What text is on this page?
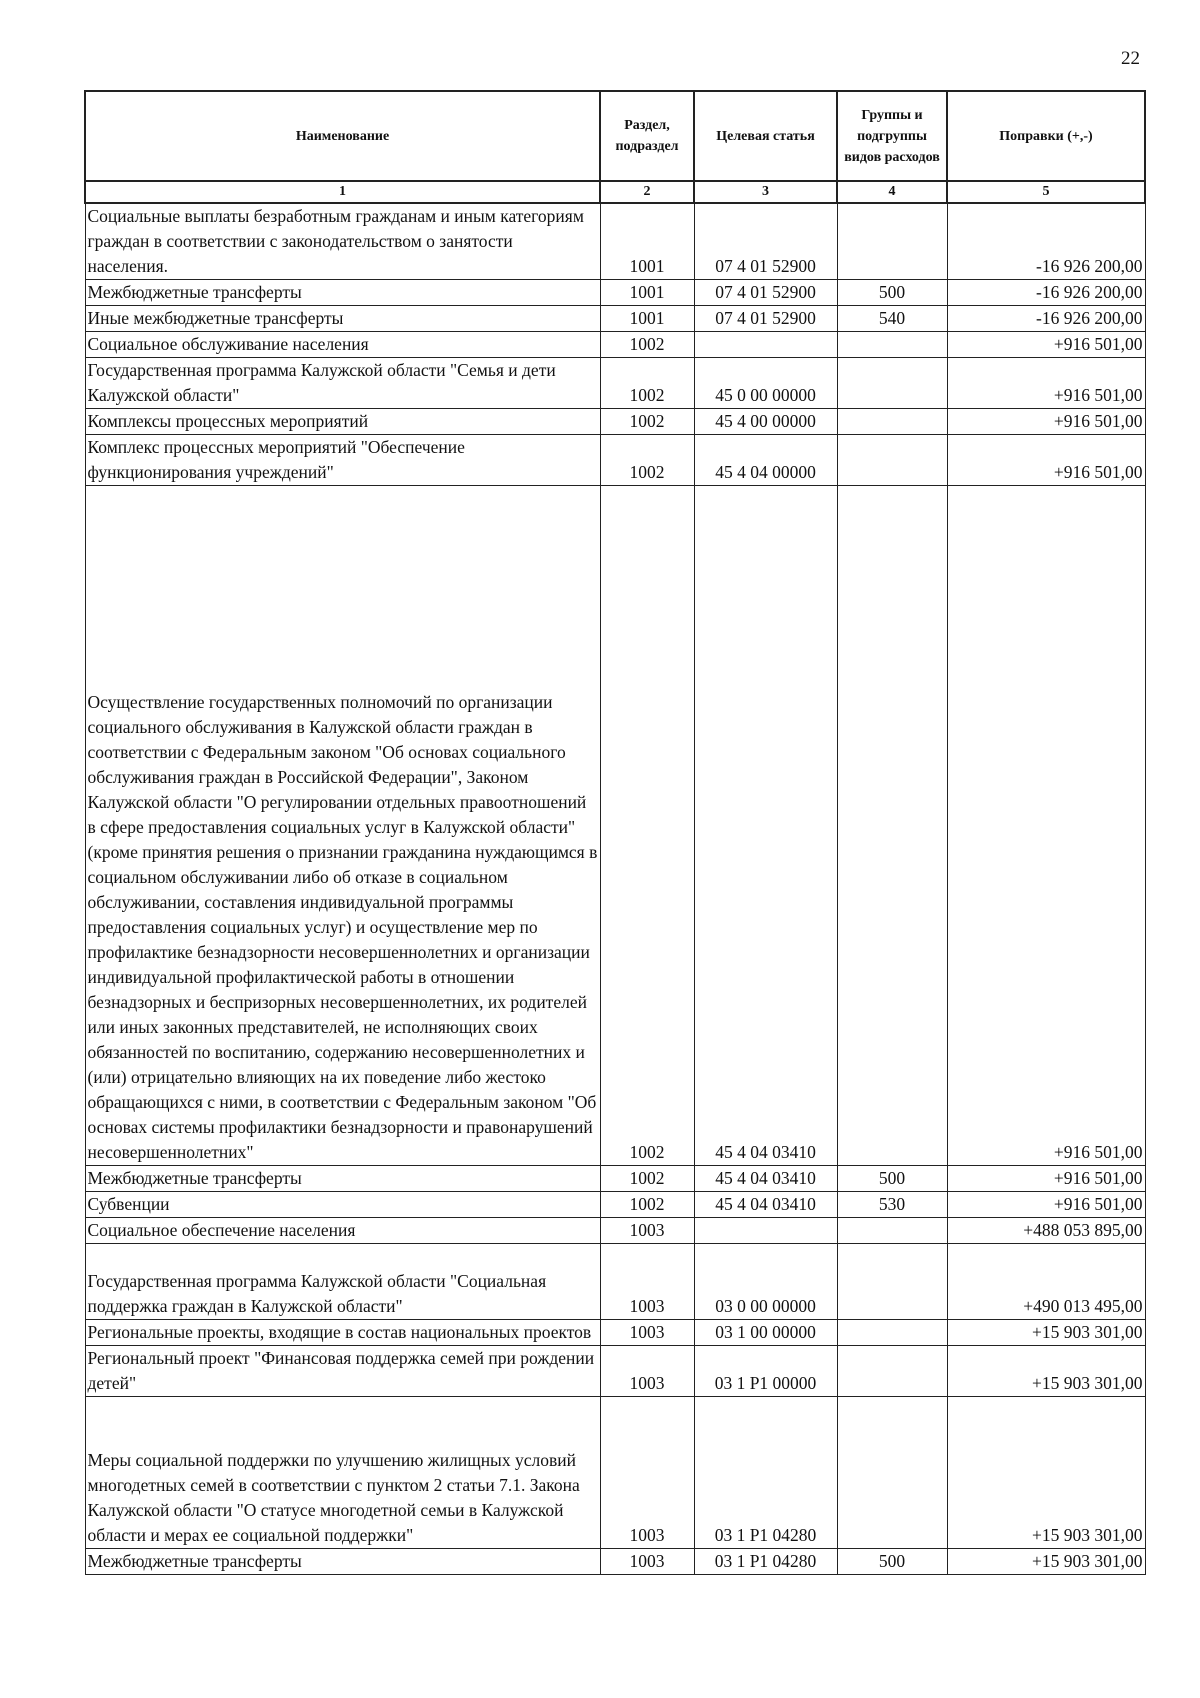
22
Наименование	Раздел, подраздел	Целевая статья	Группы и подгруппы видов расходов	Поправки (+,-)
1	2	3	4	5
Социальные выплаты безработным гражданам и иным категориям граждан в соответствии с законодательством о занятости населения.	1001	07 4 01 52900		-16 926 200,00
Межбюджетные трансферты	1001	07 4 01 52900	500	-16 926 200,00
Иные межбюджетные трансферты	1001	07 4 01 52900	540	-16 926 200,00
Социальное обслуживание населения	1002			+916 501,00
Государственная программа Калужской области "Семья и дети Калужской области"	1002	45 0 00 00000		+916 501,00
Комплексы процессных мероприятий	1002	45 4 00 00000		+916 501,00
Комплекс процессных мероприятий "Обеспечение функционирования учреждений"	1002	45 4 04 00000		+916 501,00
Осуществление государственных полномочий по организации социального обслуживания в Калужской области граждан в соответствии с Федеральным законом "Об основах социального обслуживания граждан в Российской Федерации", Законом Калужской области "О регулировании отдельных правоотношений в сфере предоставления социальных услуг в Калужской области" (кроме принятия решения о признании гражданина нуждающимся в социальном обслуживании либо об отказе в социальном обслуживании, составления индивидуальной программы предоставления социальных услуг) и осуществление мер по профилактике безнадзорности несовершеннолетних и организации индивидуальной профилактической работы в отношении безнадзорных и беспризорных несовершеннолетних, их родителей или иных законных представителей, не исполняющих своих обязанностей по воспитанию, содержанию несовершеннолетних и (или) отрицательно влияющих на их поведение либо жестоко обращающихся с ними, в соответствии с Федеральным законом "Об основах системы профилактики безнадзорности и правонарушений несовершеннолетних"	1002	45 4 04 03410		+916 501,00
Межбюджетные трансферты	1002	45 4 04 03410	500	+916 501,00
Субвенции	1002	45 4 04 03410	530	+916 501,00
Социальное обеспечение населения	1003			+488 053 895,00
Государственная программа Калужской области "Социальная поддержка граждан в Калужской области"	1003	03 0 00 00000		+490 013 495,00
Региональные проекты, входящие в состав национальных проектов	1003	03 1 00 00000		+15 903 301,00
Региональный проект "Финансовая поддержка семей при рождении детей"	1003	03 1 P1 00000		+15 903 301,00
Меры социальной поддержки по улучшению жилищных условий многодетных семей в соответствии с пунктом 2 статьи 7.1. Закона Калужской области "О статусе многодетной семьи в Калужской области и мерах ее социальной поддержки"	1003	03 1 P1 04280		+15 903 301,00
Межбюджетные трансферты	1003	03 1 P1 04280	500	+15 903 301,00
